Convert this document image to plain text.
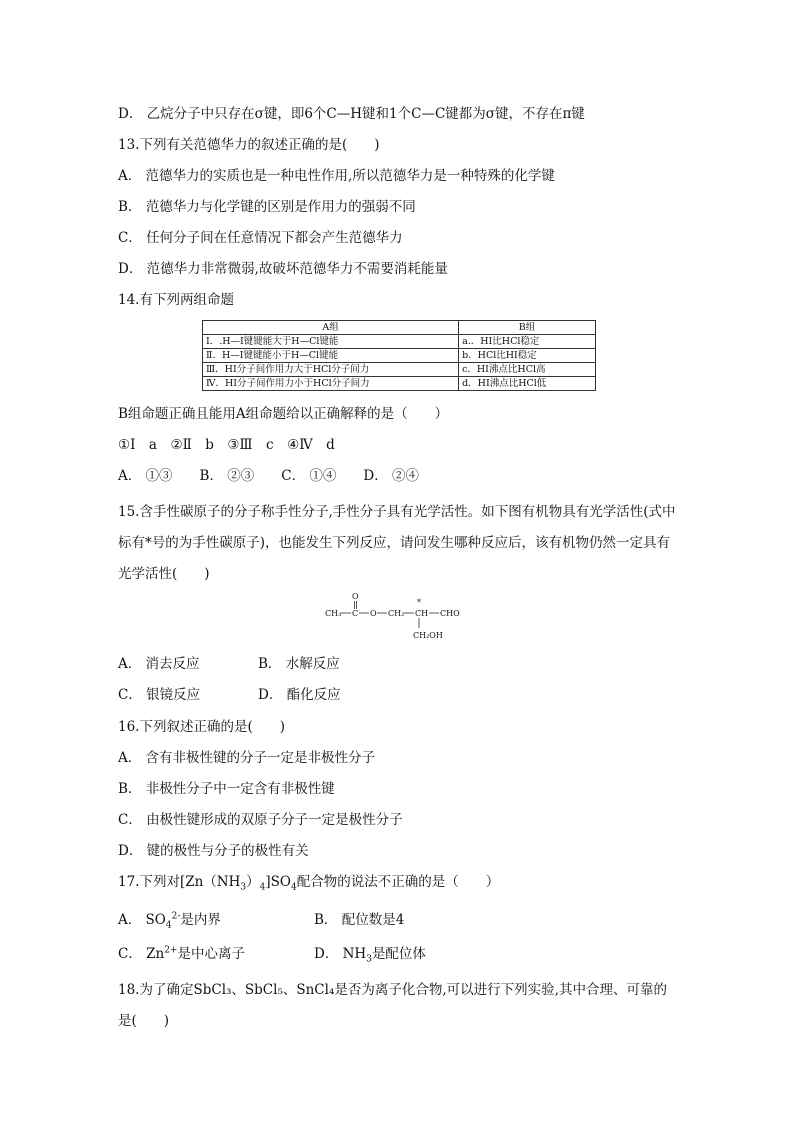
D． 乙烷分子中只存在σ键，即6个C—H键和1个C—C键都为σ键，不存在π键
13.下列有关范德华力的叙述正确的是(　　)
A． 范德华力的实质也是一种电性作用,所以范德华力是一种特殊的化学键
B． 范德华力与化学键的区别是作用力的强弱不同
C． 任何分子间在任意情况下都会产生范德华力
D． 范德华力非常微弱,故破坏范德华力不需要消耗能量
14.有下列两组命题
A组	B组
Ⅰ．.H—I键键能大于H—Cl键能	a.．HI比HCl稳定
Ⅱ．H—I键键能小于H—Cl键能	b．HCl比HI稳定
Ⅲ．HI分子间作用力大于HCl分子间力	c．HI沸点比HCl高
Ⅳ．HI分子间作用力小于HCl分子间力	d．HI沸点比HCl低
B组命题正确且能用A组命题给以正确解释的是（　　）
①Ⅰ　a　②Ⅱ　b　③Ⅲ　c　④Ⅳ　d
A． ①③　　B． ②③　　C． ①④　　D． ②④
15.含手性碳原子的分子称手性分子,手性分子具有光学活性。如下图有机物具有光学活性(式中标有*号的为手性碳原子)，也能发生下列反应，请问发生哪种反应后，该有机物仍然一定具有光学活性(　　)
CH₃ C
O
O CH₂ CH
*
CHO
CH₂OH
A． 消去反应	B． 水解反应
C． 银镜反应	D． 酯化反应
16.下列叙述正确的是(　　)
A． 含有非极性键的分子一定是非极性分子
B． 非极性分子中一定含有非极性键
C． 由极性键形成的双原子分子一定是极性分子
D． 键的极性与分子的极性有关
17.下列对$[Zn(NH_3)_4]SO_4$配合物的说法不正确的是（　　）
A． $SO_4^{2-}$是内界	B． 配位数是4
C． $Zn^{2+}$是中心离子	D． $NH_3$是配位体
18.为了确定SbCl₃、SbCl₅、SnCl₄是否为离子化合物,可以进行下列实验,其中合理、可靠的是(　　)
